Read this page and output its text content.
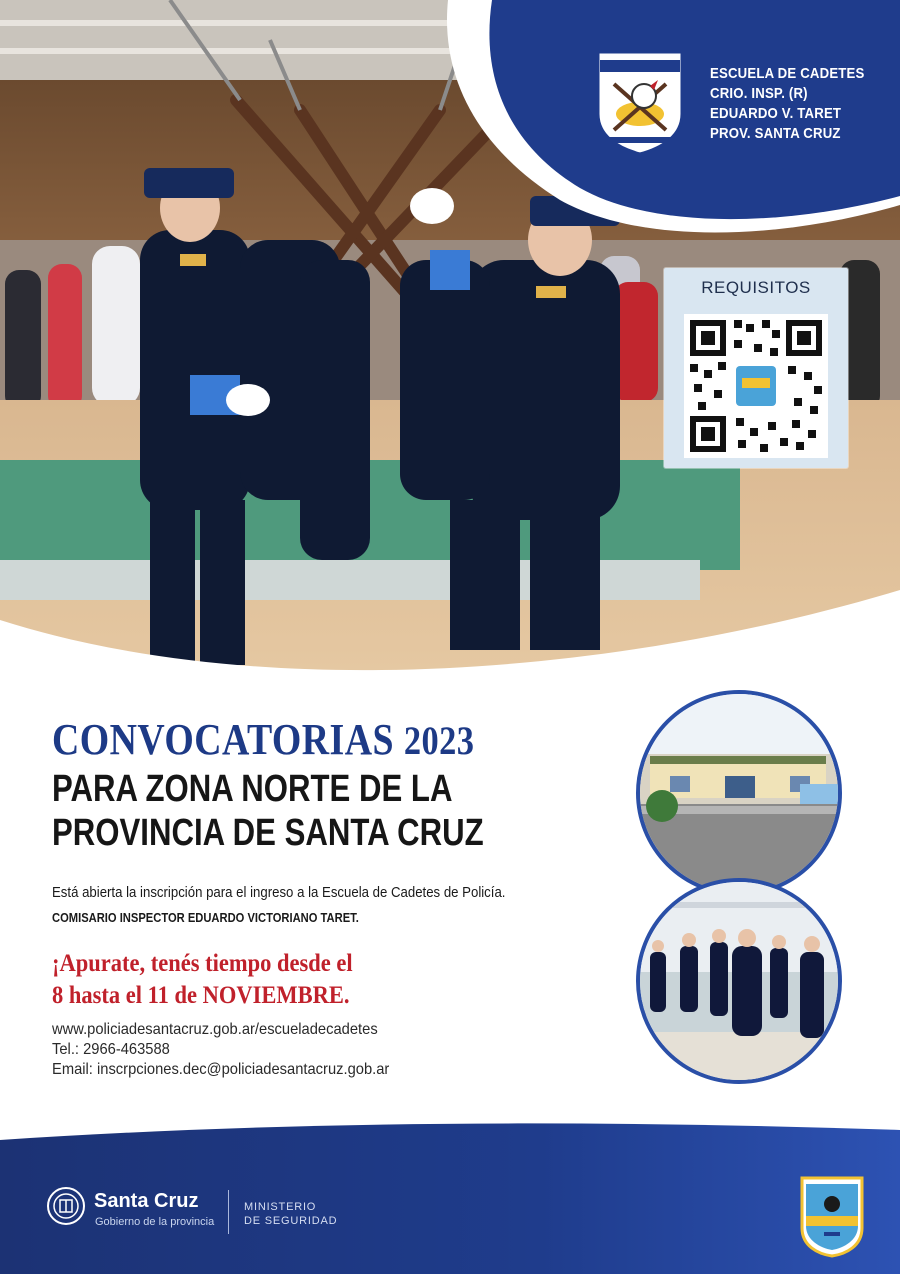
ESCUELA DE CADETES
CRIO. INSP. (R)
EDUARDO V. TARET
PROV. SANTA CRUZ
REQUISITOS
CONVOCATORIAS 2023
PARA ZONA NORTE DE LA
PROVINCIA DE SANTA CRUZ
Está abierta la inscripción para el ingreso a la Escuela de Cadetes de Policía.
COMISARIO INSPECTOR EDUARDO VICTORIANO TARET.
¡Apurate, tenés tiempo desde el
8 hasta el 11 de NOVIEMBRE.
www.policiadesantacruz.gob.ar/escueladecadetes
Tel.: 2966-463588
Email: inscrpciones.dec@policiadesantacruz.gob.ar
Santa Cruz
Gobierno de la provincia
MINISTERIO
DE SEGURIDAD
